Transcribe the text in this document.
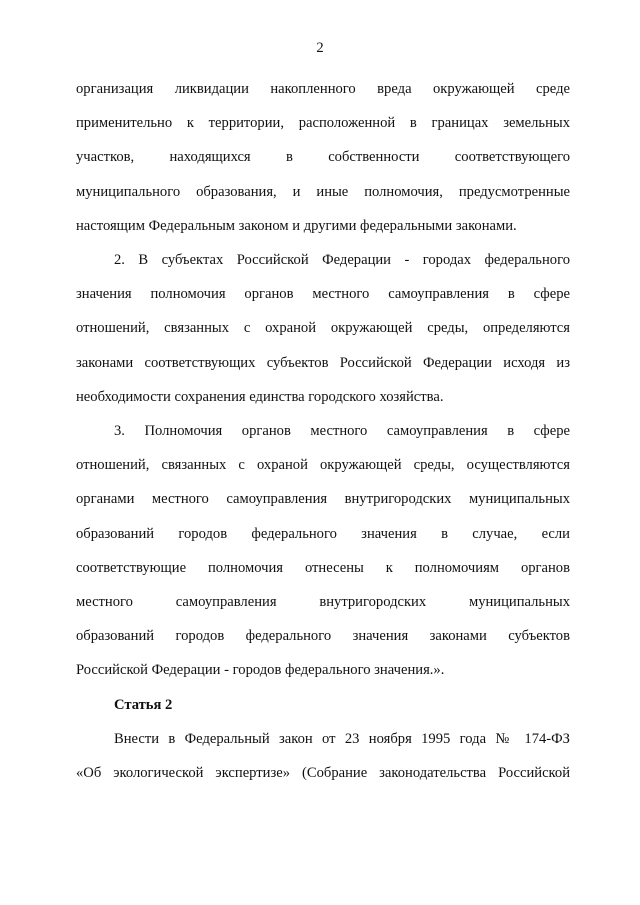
2
организация ликвидации накопленного вреда окружающей среде
применительно к территории, расположенной в границах земельных
участков, находящихся в собственности соответствующего
муниципального образования, и иные полномочия, предусмотренные
настоящим Федеральным законом и другими федеральными законами.
2. В субъектах Российской Федерации - городах федерального
значения полномочия органов местного самоуправления в сфере
отношений, связанных с охраной окружающей среды, определяются
законами соответствующих субъектов Российской Федерации исходя из
необходимости сохранения единства городского хозяйства.
3. Полномочия органов местного самоуправления в сфере
отношений, связанных с охраной окружающей среды, осуществляются
органами местного самоуправления внутригородских муниципальных
образований городов федерального значения в случае, если
соответствующие полномочия отнесены к полномочиям органов
местного самоуправления внутригородских муниципальных
образований городов федерального значения законами субъектов
Российской Федерации - городов федерального значения.».
Статья 2
Внести в Федеральный закон от 23 ноября 1995 года № 174-ФЗ
«Об экологической экспертизе» (Собрание законодательства Российской
